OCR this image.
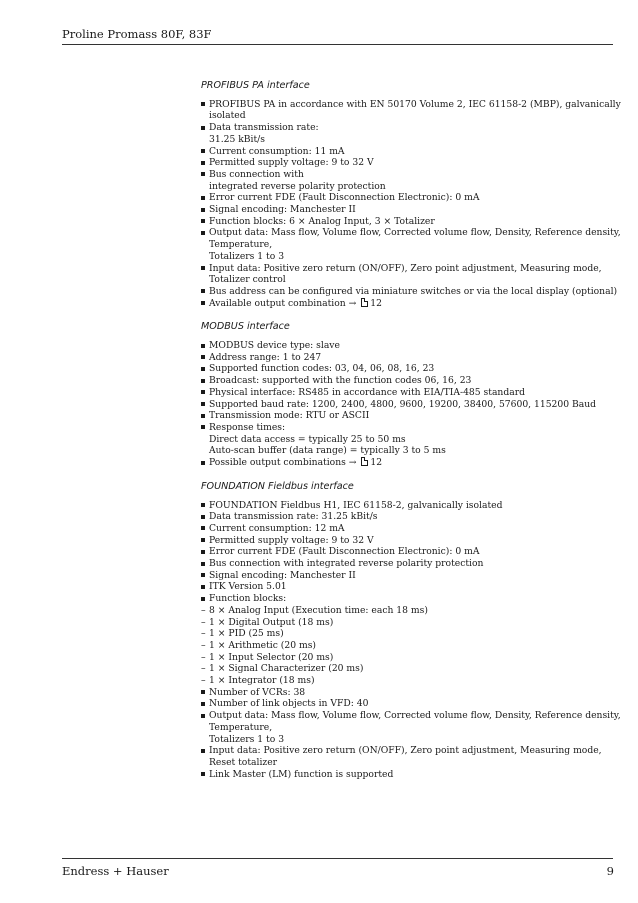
Proline Promass 80F, 83F
PROFIBUS PA interface
PROFIBUS PA in accordance with EN 50170 Volume 2, IEC 61158-2 (MBP), galvanically isolated
Data transmission rate:
31.25 kBit/s
Current consumption: 11 mA
Permitted supply voltage: 9 to 32 V
Bus connection with
integrated reverse polarity protection
Error current FDE (Fault Disconnection Electronic): 0 mA
Signal encoding: Manchester II
Function blocks: 6 × Analog Input, 3 × Totalizer
Output data: Mass flow, Volume flow, Corrected volume flow, Density, Reference density, Temperature,
Totalizers 1 to 3
Input data: Positive zero return (ON/OFF), Zero point adjustment, Measuring mode, Totalizer control
Bus address can be configured via miniature switches or via the local display (optional)
Available output combination → 12
MODBUS interface
MODBUS device type: slave
Address range: 1 to 247
Supported function codes: 03, 04, 06, 08, 16, 23
Broadcast: supported with the function codes 06, 16, 23
Physical interface: RS485 in accordance with EIA/TIA-485 standard
Supported baud rate: 1200, 2400, 4800, 9600, 19200, 38400, 57600, 115200 Baud
Transmission mode: RTU or ASCII
Response times:
Direct data access = typically 25 to 50 ms
Auto-scan buffer (data range) = typically 3 to 5 ms
Possible output combinations → 12
FOUNDATION Fieldbus interface
FOUNDATION Fieldbus H1, IEC 61158-2, galvanically isolated
Data transmission rate: 31.25 kBit/s
Current consumption: 12 mA
Permitted supply voltage: 9 to 32 V
Error current FDE (Fault Disconnection Electronic): 0 mA
Bus connection with integrated reverse polarity protection
Signal encoding: Manchester II
ITK Version 5.01
Function blocks:
– 8 × Analog Input (Execution time: each 18 ms)
– 1 × Digital Output (18 ms)
– 1 × PID (25 ms)
– 1 × Arithmetic (20 ms)
– 1 × Input Selector (20 ms)
– 1 × Signal Characterizer (20 ms)
– 1 × Integrator (18 ms)
Number of VCRs: 38
Number of link objects in VFD: 40
Output data: Mass flow, Volume flow, Corrected volume flow, Density, Reference density, Temperature,
Totalizers 1 to 3
Input data: Positive zero return (ON/OFF), Zero point adjustment, Measuring mode, Reset totalizer
Link Master (LM) function is supported
Endress + Hauser	9
